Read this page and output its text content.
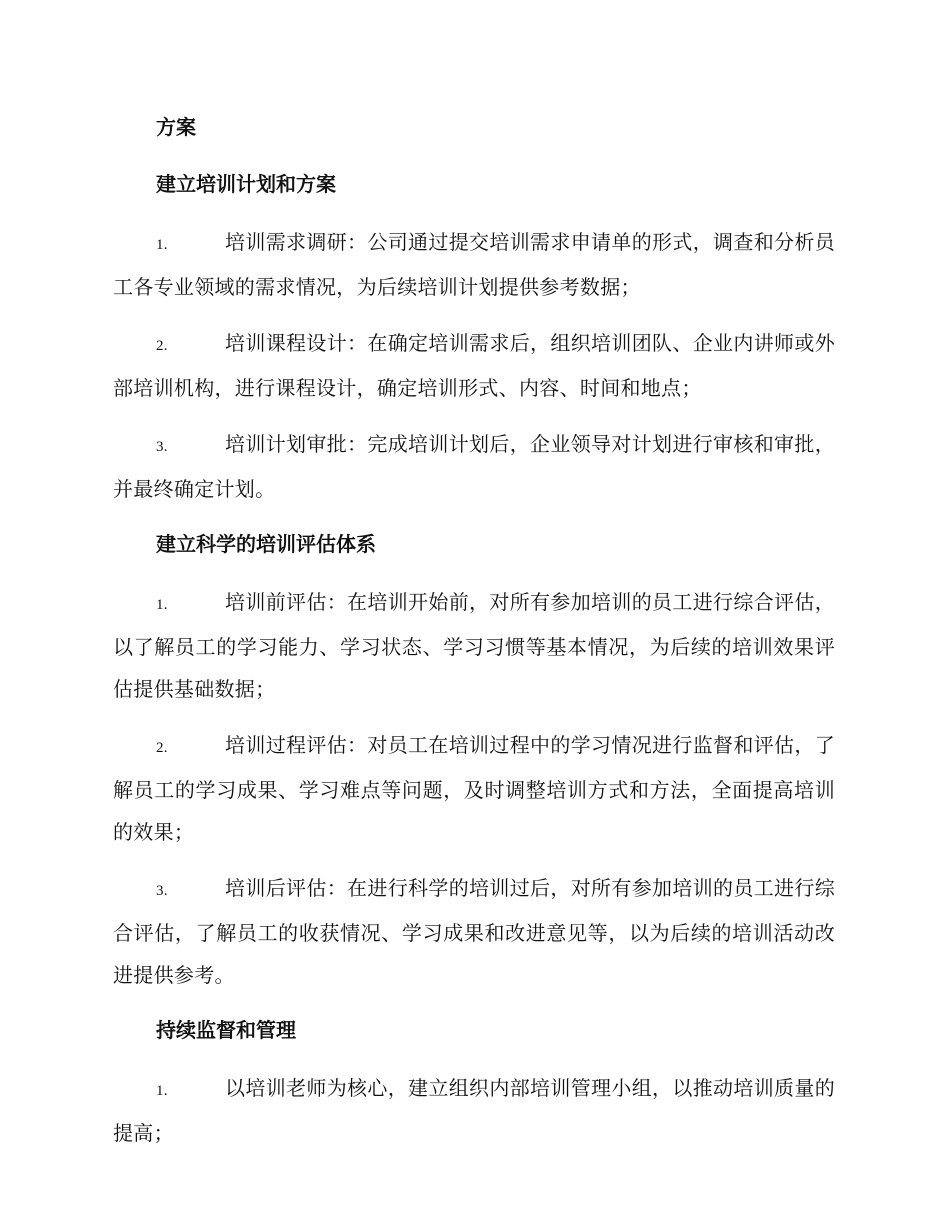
方案
建立培训计划和方案

1.	培训需求调研：公司通过提交培训需求申请单的形式，调查和分析员工各专业领域的需求情况，为后续培训计划提供参考数据；

2.	培训课程设计：在确定培训需求后，组织培训团队、企业内讲师或外部培训机构，进行课程设计，确定培训形式、内容、时间和地点；

3.	培训计划审批：完成培训计划后，企业领导对计划进行审核和审批，并最终确定计划。

建立科学的培训评估体系

1.	培训前评估：在培训开始前，对所有参加培训的员工进行综合评估，以了解员工的学习能力、学习状态、学习习惯等基本情况，为后续的培训效果评估提供基础数据；

2.	培训过程评估：对员工在培训过程中的学习情况进行监督和评估，了解员工的学习成果、学习难点等问题，及时调整培训方式和方法，全面提高培训的效果；

3.	培训后评估：在进行科学的培训过后，对所有参加培训的员工进行综合评估，了解员工的收获情况、学习成果和改进意见等，以为后续的培训活动改进提供参考。

持续监督和管理

1.	以培训老师为核心，建立组织内部培训管理小组，以推动培训质量的提高；
